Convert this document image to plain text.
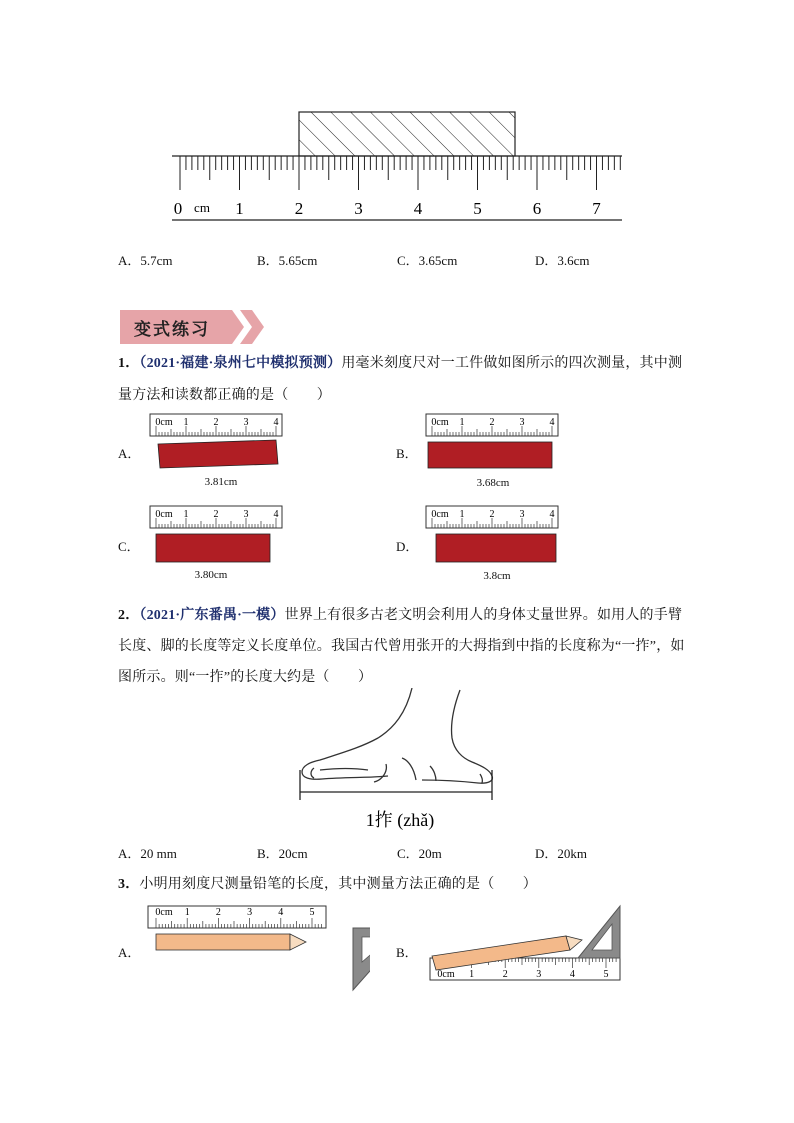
0	1	2	3	4	5	6	7
cm
A．5.7cm	B．5.65cm	C．3.65cm	D．3.6cm
变式练习
1．（2021·福建·泉州七中模拟预测）用毫米刻度尺对一工件做如图所示的四次测量，其中测
量方法和读数都正确的是（　　）
A．
0cm 1	2	3	4
3.81cm
B．
0cm 1	2	3	4
3.68cm
C．
0cm 1	2	3	4
3.80cm
D．
0cm 1	2	3	4
3.8cm
2．（2021·广东番禺·一模）世界上有很多古老文明会利用人的身体丈量世界。如用人的手臂
长度、脚的长度等定义长度单位。我国古代曾用张开的大拇指到中指的长度称为“一拃”，如
图所示。则“一拃”的长度大约是（　　）
1拃 (zhǎ)
A．20 mm	B．20cm	C．20m	D．20km
3．小明用刻度尺测量铅笔的长度，其中测量方法正确的是（　　）
A．
0cm 1	2	3	4	5
B．
0cm 1	2	3	4	5
